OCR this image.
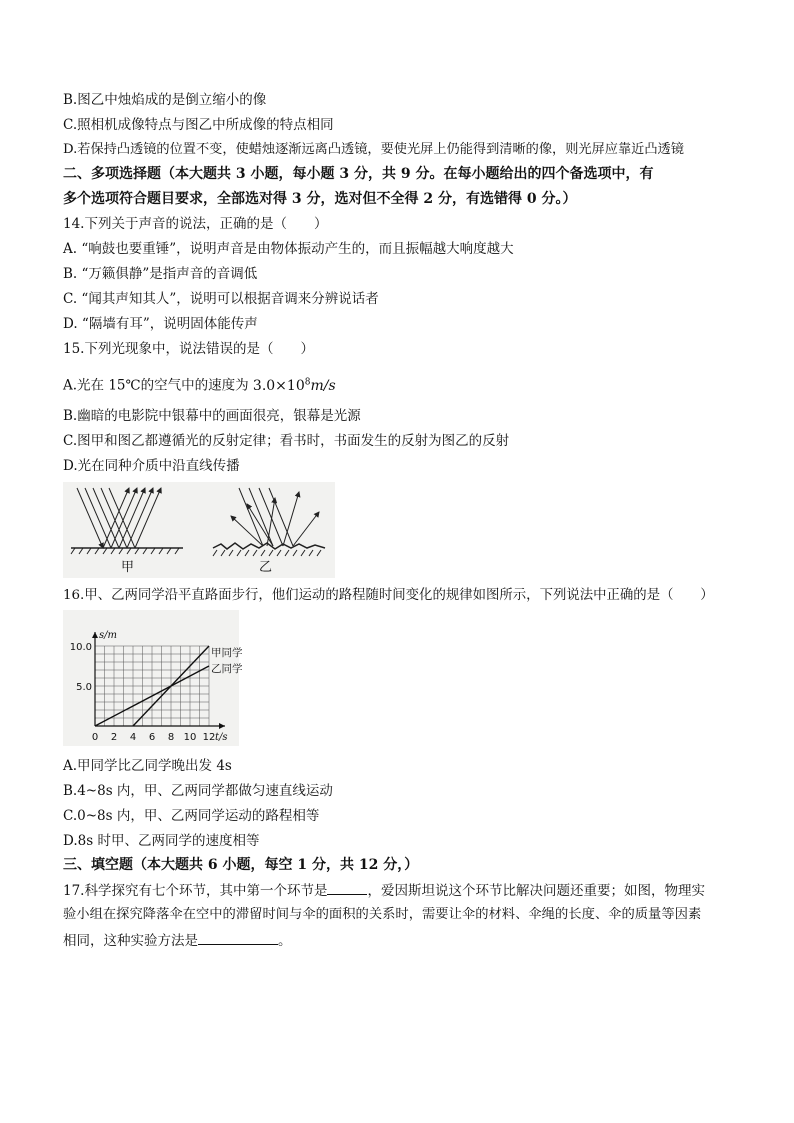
B.图乙中烛焰成的是倒立缩小的像
C.照相机成像特点与图乙中所成像的特点相同
D.若保持凸透镜的位置不变，使蜡烛逐渐远离凸透镜，要使光屏上仍能得到清晰的像，则光屏应靠近凸透镜
二、多项选择题（本大题共 3 小题，每小题 3 分，共 9 分。在每小题给出的四个备选项中，有
多个选项符合题目要求，全部选对得 3 分，选对但不全得 2 分，有选错得 0 分。）
14.下列关于声音的说法，正确的是（　　）
A. “响鼓也要重锤”，说明声音是由物体振动产生的，而且振幅越大响度越大
B. “万籁俱静”是指声音的音调低
C. “闻其声知其人”，说明可以根据音调来分辨说话者
D. “隔墙有耳”，说明固体能传声
15.下列光现象中，说法错误的是（　　）
A.光在 15℃的空气中的速度为 $3.0\times 10^8m/s$
B.幽暗的电影院中银幕中的画面很亮，银幕是光源
C.图甲和图乙都遵循光的反射定律；看书时，书面发生的反射为图乙的反射
D.光在同种介质中沿直线传播
甲	乙
16.甲、乙两同学沿平直路面步行，他们运动的路程随时间变化的规律如图所示，下列说法中正确的是（　　）
t/s
s/m
0 2 4 6 8 10 12
5.0
10.0	甲同学
乙同学
A.甲同学比乙同学晚出发 4s
B.4~8s 内，甲、乙两同学都做匀速直线运动
C.0~8s 内，甲、乙两同学运动的路程相等
D.8s 时甲、乙两同学的速度相等
三、填空题（本大题共 6 小题，每空 1 分，共 12 分，）
17.科学探究有七个环节，其中第一个环节是	，爱因斯坦说这个环节比解决问题还重要；如图，物理实
验小组在探究降落伞在空中的滞留时间与伞的面积的关系时，需要让伞的材料、伞绳的长度、伞的质量等因素
相同，这种实验方法是	。
